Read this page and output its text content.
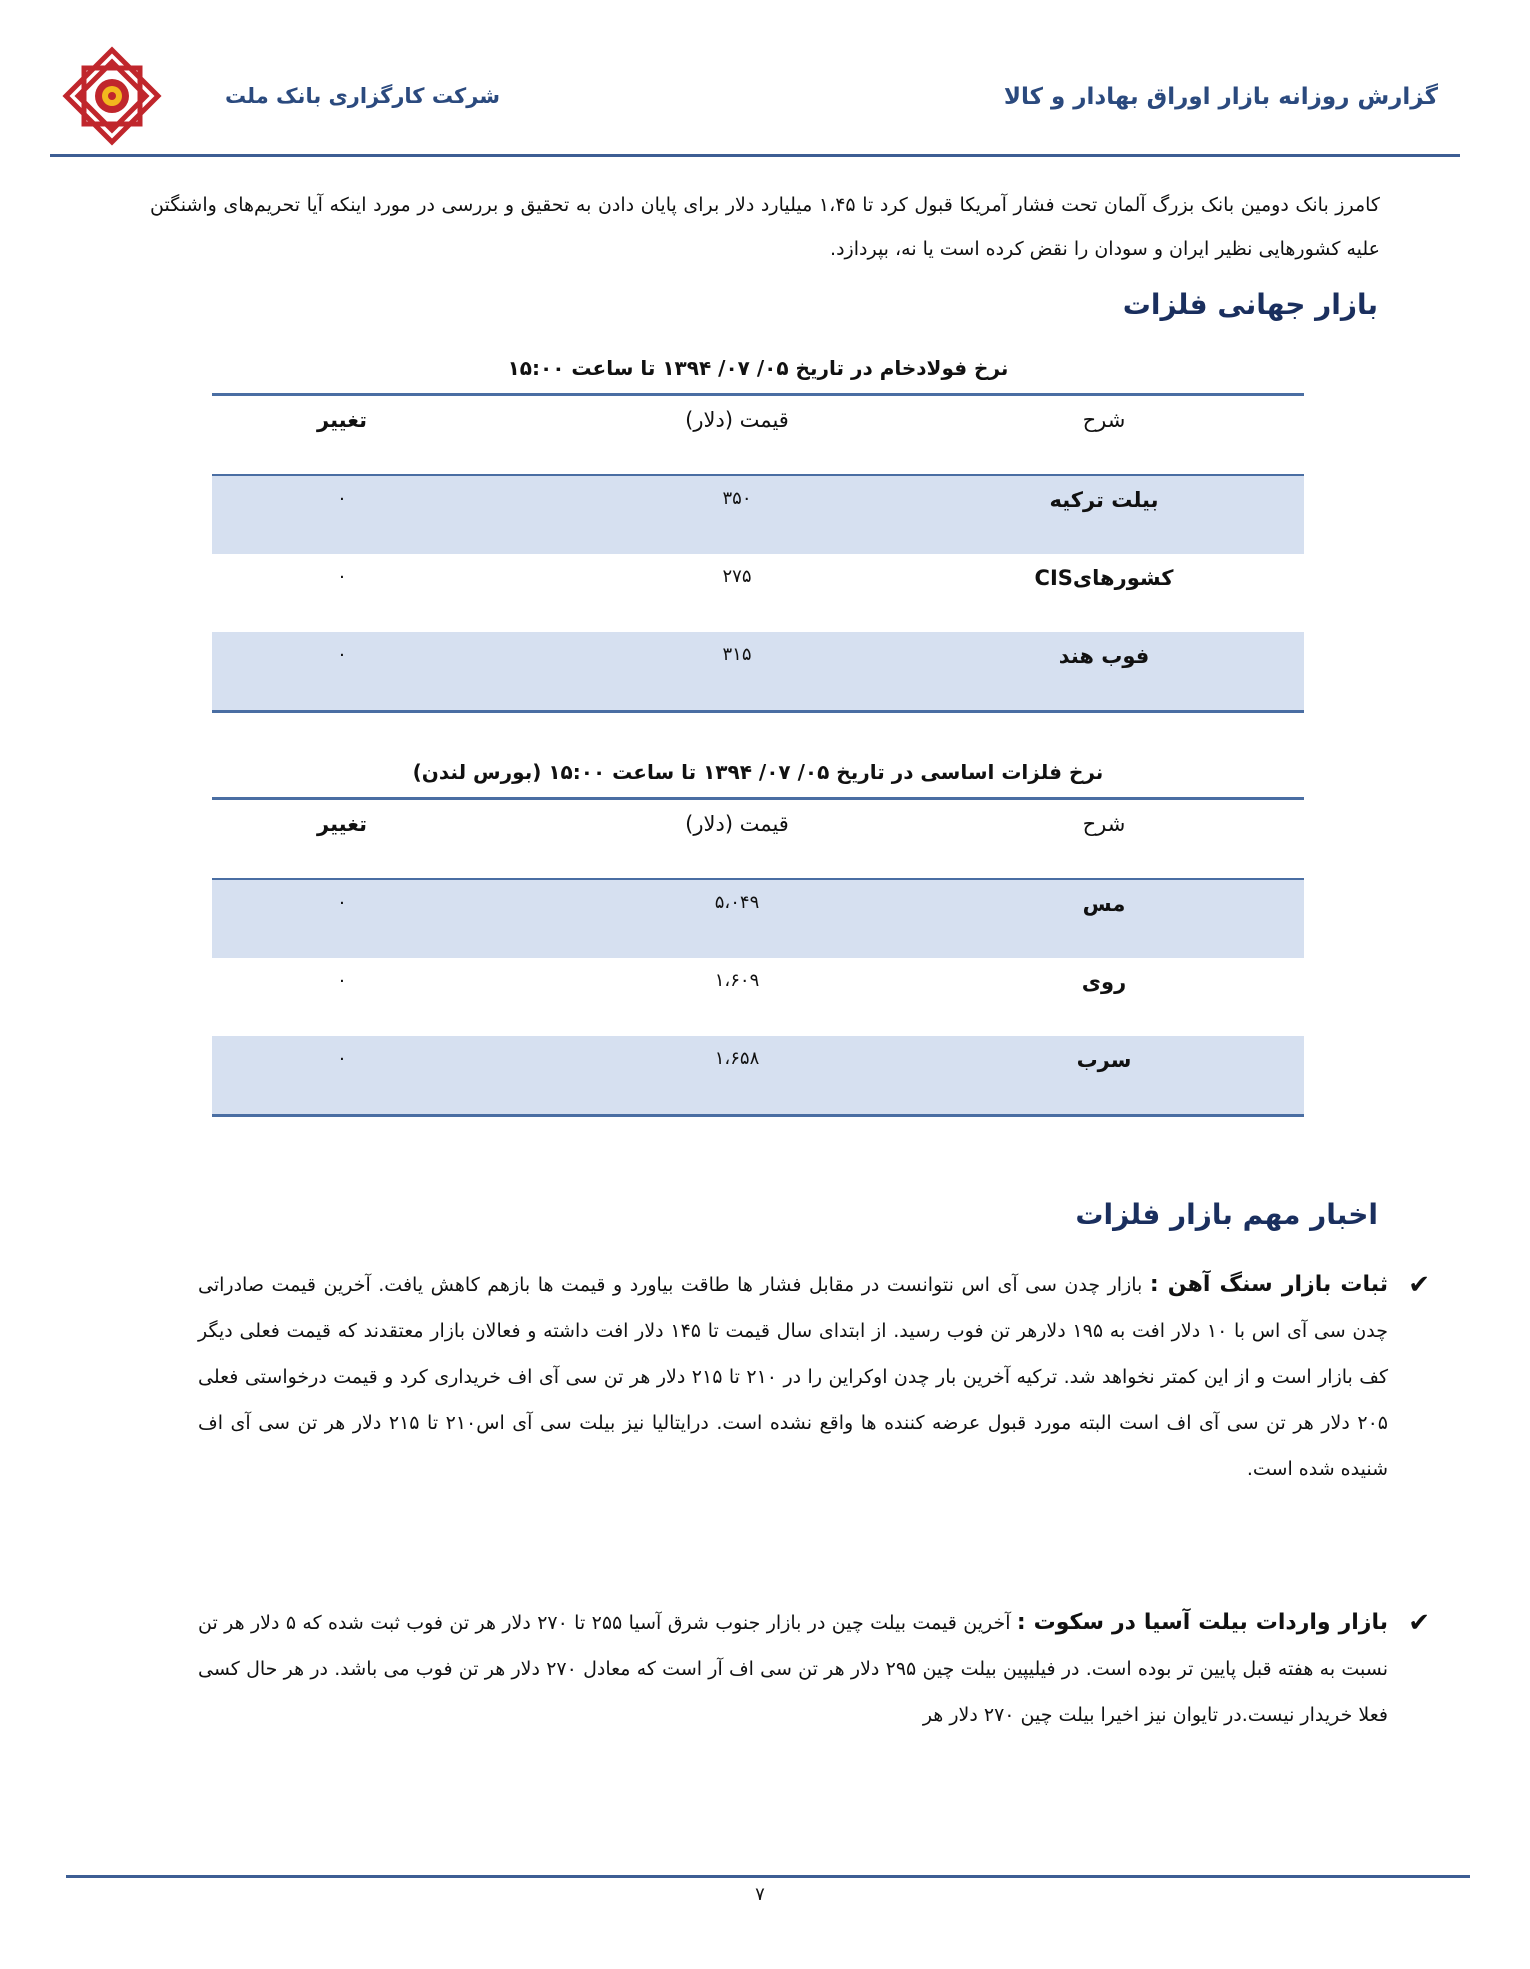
گزارش روزانه بازار اوراق بهادار و کالا
شرکت کارگزاری بانک ملت
کامرز بانک دومین بانک بزرگ آلمان تحت فشار آمریکا قبول کرد تا ۱،۴۵ میلیارد دلار برای پایان دادن به تحقیق و بررسی در مورد اینکه آیا تحریم‌های واشنگتن علیه کشورهایی نظیر ایران و سودان را نقض کرده است یا نه، بپردازد.
بازار جهانی فلزات
نرخ فولادخام در تاریخ ۰۵/ ۰۷/ ۱۳۹۴ تا ساعت ۱۵:۰۰
شرح
قیمت (دلار)
تغییر
بیلت ترکیه
۳۵۰
۰
کشورهایCIS
۲۷۵
۰
فوب هند
۳۱۵
۰
نرخ فلزات اساسی در تاریخ ۰۵/ ۰۷/ ۱۳۹۴ تا ساعت ۱۵:۰۰ (بورس لندن)
شرح
قیمت (دلار)
تغییر
مس
۵،۰۴۹
۰
روی
۱،۶۰۹
۰
سرب
۱،۶۵۸
۰
اخبار مهم بازار فلزات
✔
ثبات بازار سنگ آهن : بازار چدن سی آی اس نتوانست در مقابل فشار ها طاقت بیاورد و قیمت ها بازهم کاهش یافت. آخرین قیمت صادراتی چدن سی آی اس با ۱۰ دلار افت به ۱۹۵ دلارهر تن فوب رسید. از ابتدای سال قیمت تا ۱۴۵ دلار افت داشته و فعالان بازار معتقدند که قیمت فعلی دیگر کف بازار است و از این کمتر نخواهد شد. ترکیه آخرین بار چدن اوکراین را در ۲۱۰ تا ۲۱۵ دلار هر تن سی آی اف خریداری کرد و قیمت درخواستی فعلی ۲۰۵ دلار هر تن سی آی اف است البته مورد قبول عرضه کننده ها واقع نشده است. درایتالیا نیز بیلت سی آی اس۲۱۰ تا ۲۱۵ دلار هر تن سی آی اف شنیده شده است.
✔
بازار واردات بیلت آسیا در سکوت : آخرین قیمت بیلت چین در بازار جنوب شرق آسیا ۲۵۵ تا ۲۷۰ دلار هر تن فوب ثبت شده که ۵ دلار هر تن نسبت به هفته قبل پایین تر بوده است. در فیلیپین بیلت چین ۲۹۵ دلار هر تن سی اف آر است که معادل ۲۷۰ دلار هر تن فوب می باشد. در هر حال کسی فعلا خریدار نیست.در تایوان نیز اخیرا بیلت چین ۲۷۰ دلار هر
۷
